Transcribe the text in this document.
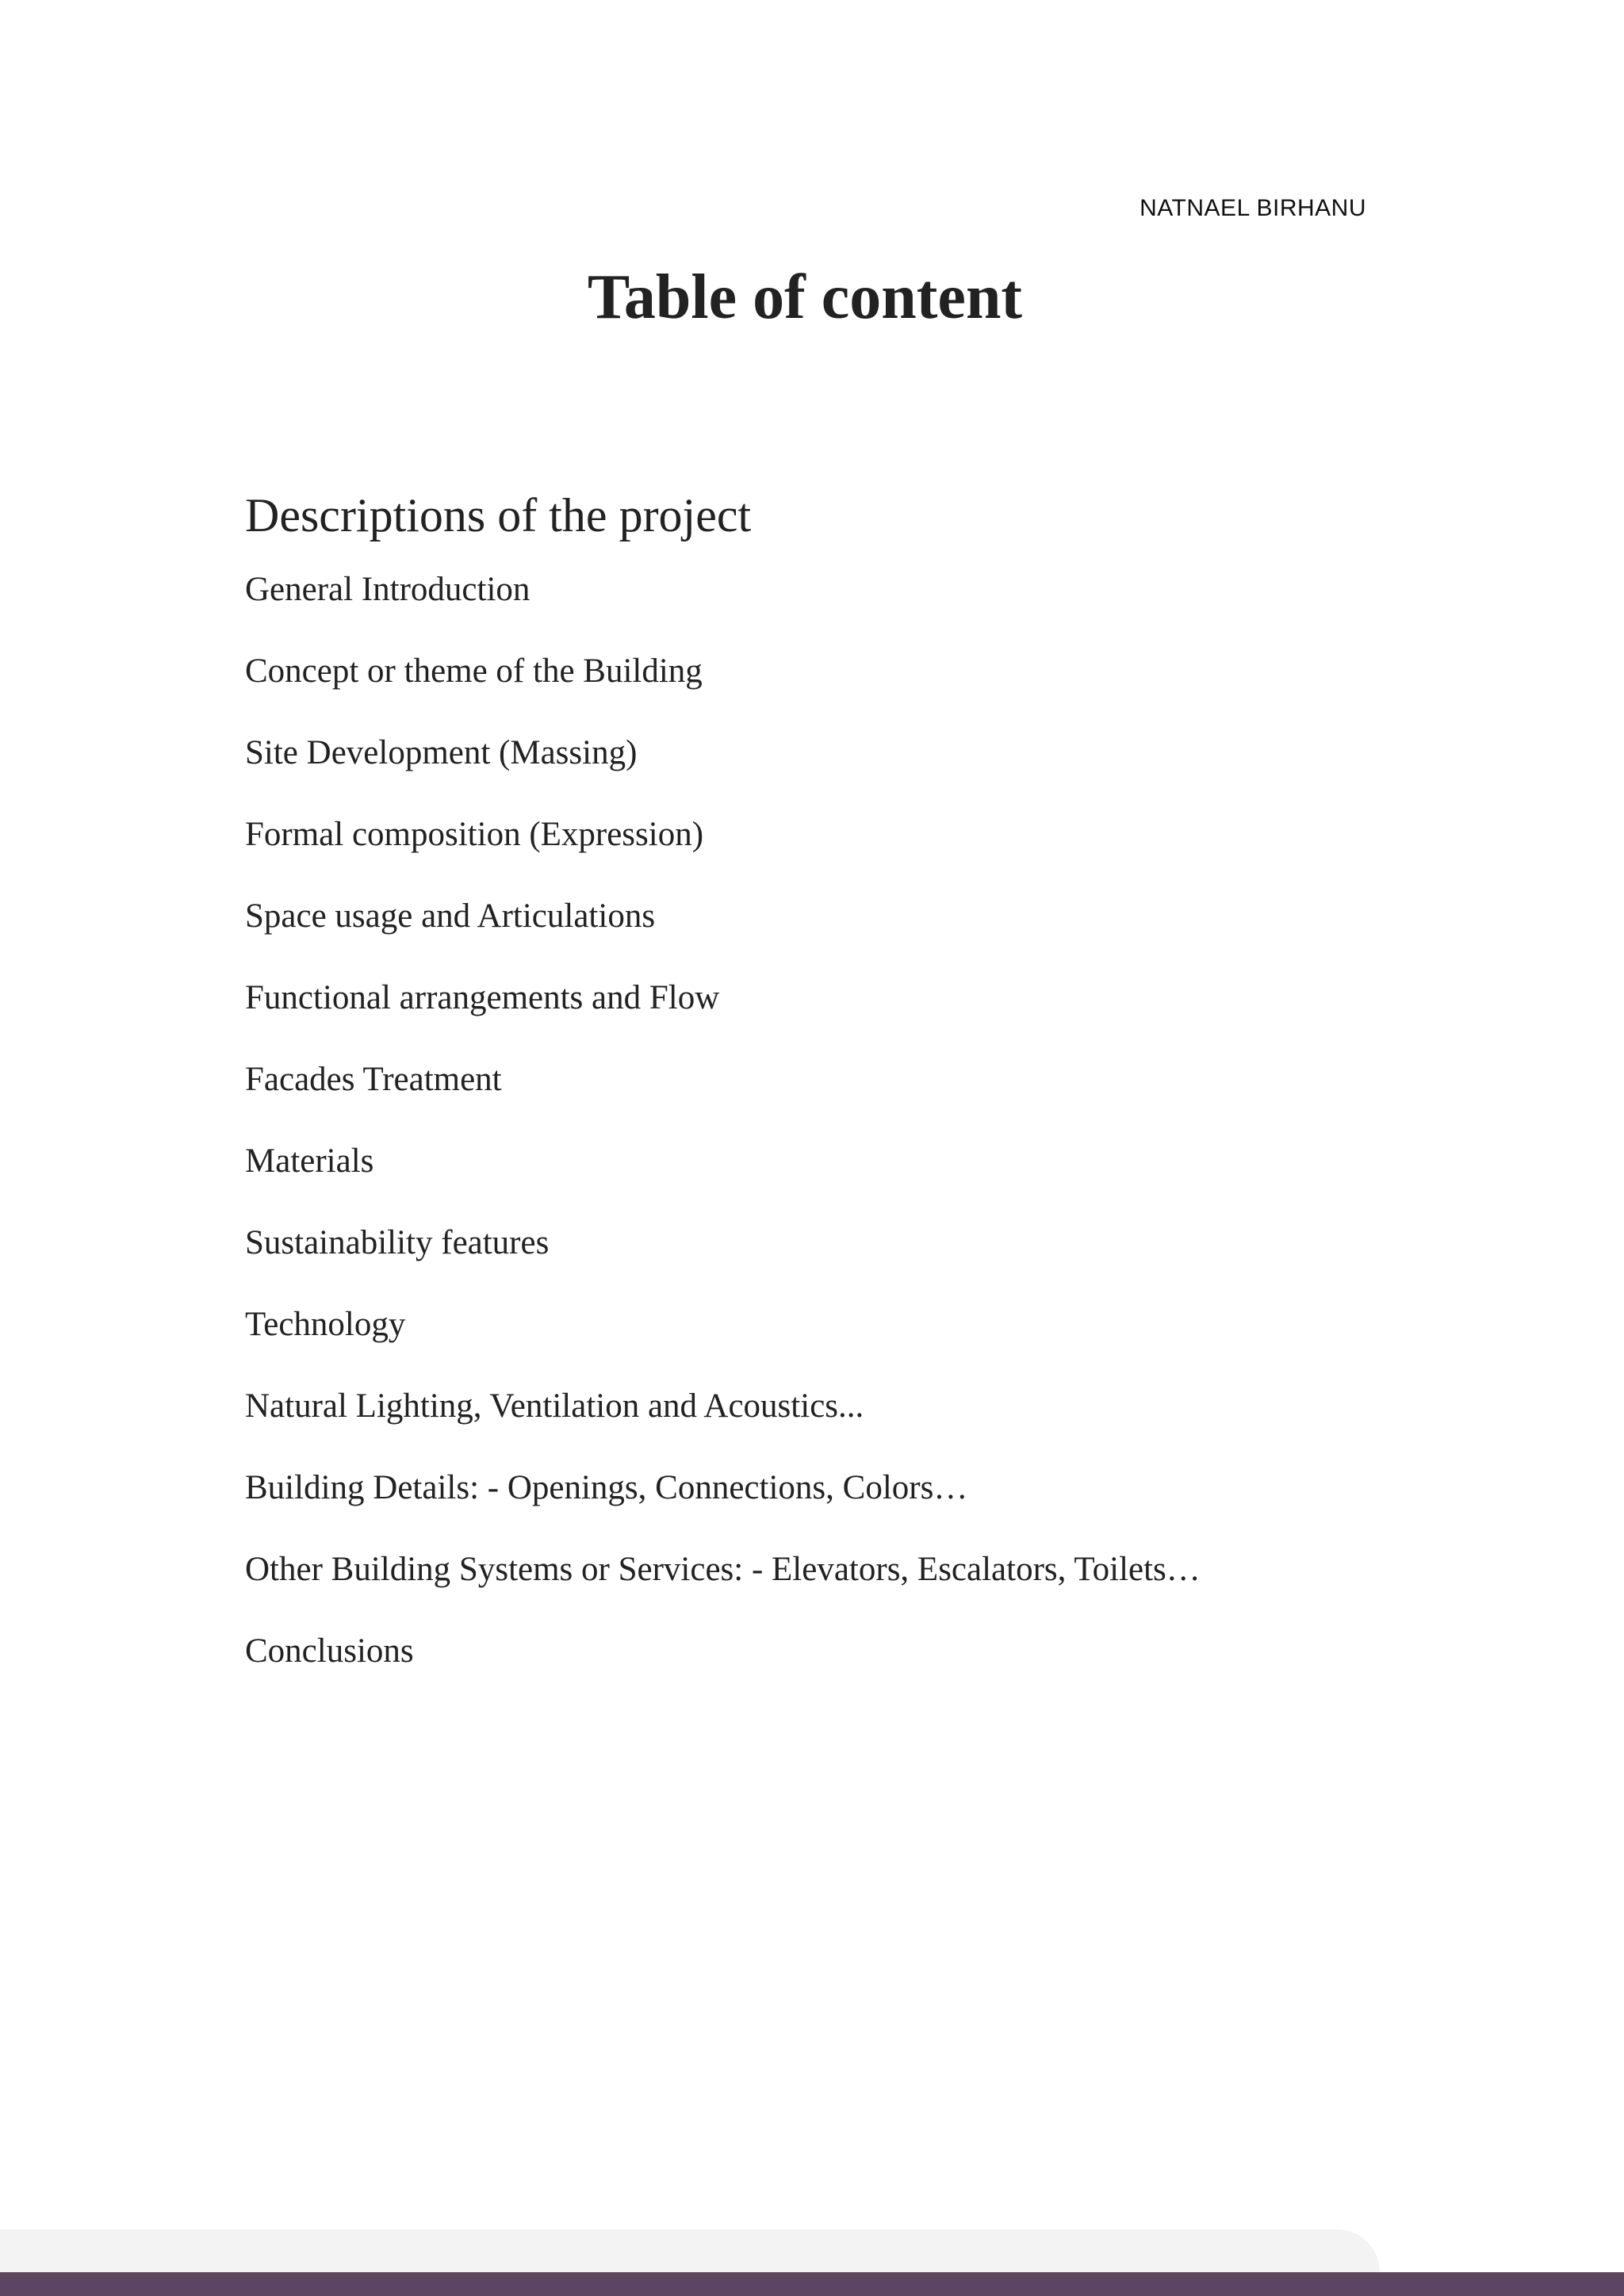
NATNAEL BIRHANU
Table of content
Descriptions of the project
General Introduction
Concept or theme of the Building
Site Development (Massing)
Formal composition (Expression)
Space usage and Articulations
Functional arrangements and Flow
Facades Treatment
Materials
Sustainability features
Technology
Natural Lighting, Ventilation and Acoustics...
Building Details: - Openings, Connections, Colors…
Other Building Systems or Services: - Elevators, Escalators, Toilets…
Conclusions
